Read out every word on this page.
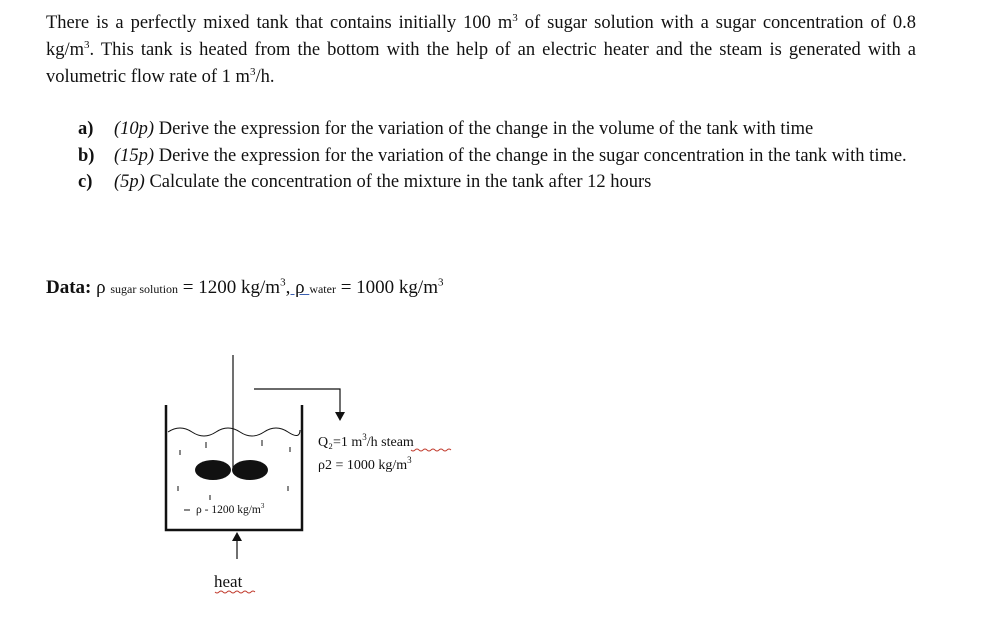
There is a perfectly mixed tank that contains initially 100 $m^3$ of sugar solution with a sugar concentration of 0.8 $kg/m^3$. This tank is heated from the bottom with the help of an electric heater and the steam is generated with a volumetric flow rate of 1 $m^3/h$.

a)	(10p) Derive the expression for the variation of the change in the volume of the tank with time
b)	(15p) Derive the expression for the variation of the change in the sugar concentration in the tank with time.
c)	(5p) Calculate the concentration of the mixture in the tank after 12 hours
Data: ρ sugar solution = 1200 $kg/m^3$, ρ water = 1000 $kg/m^3$
ρ - 1200 $kg/m^3$
Q₂=1 $m^3/h$ steam
ρ2 = 1000 $kg/m^3$
heat
